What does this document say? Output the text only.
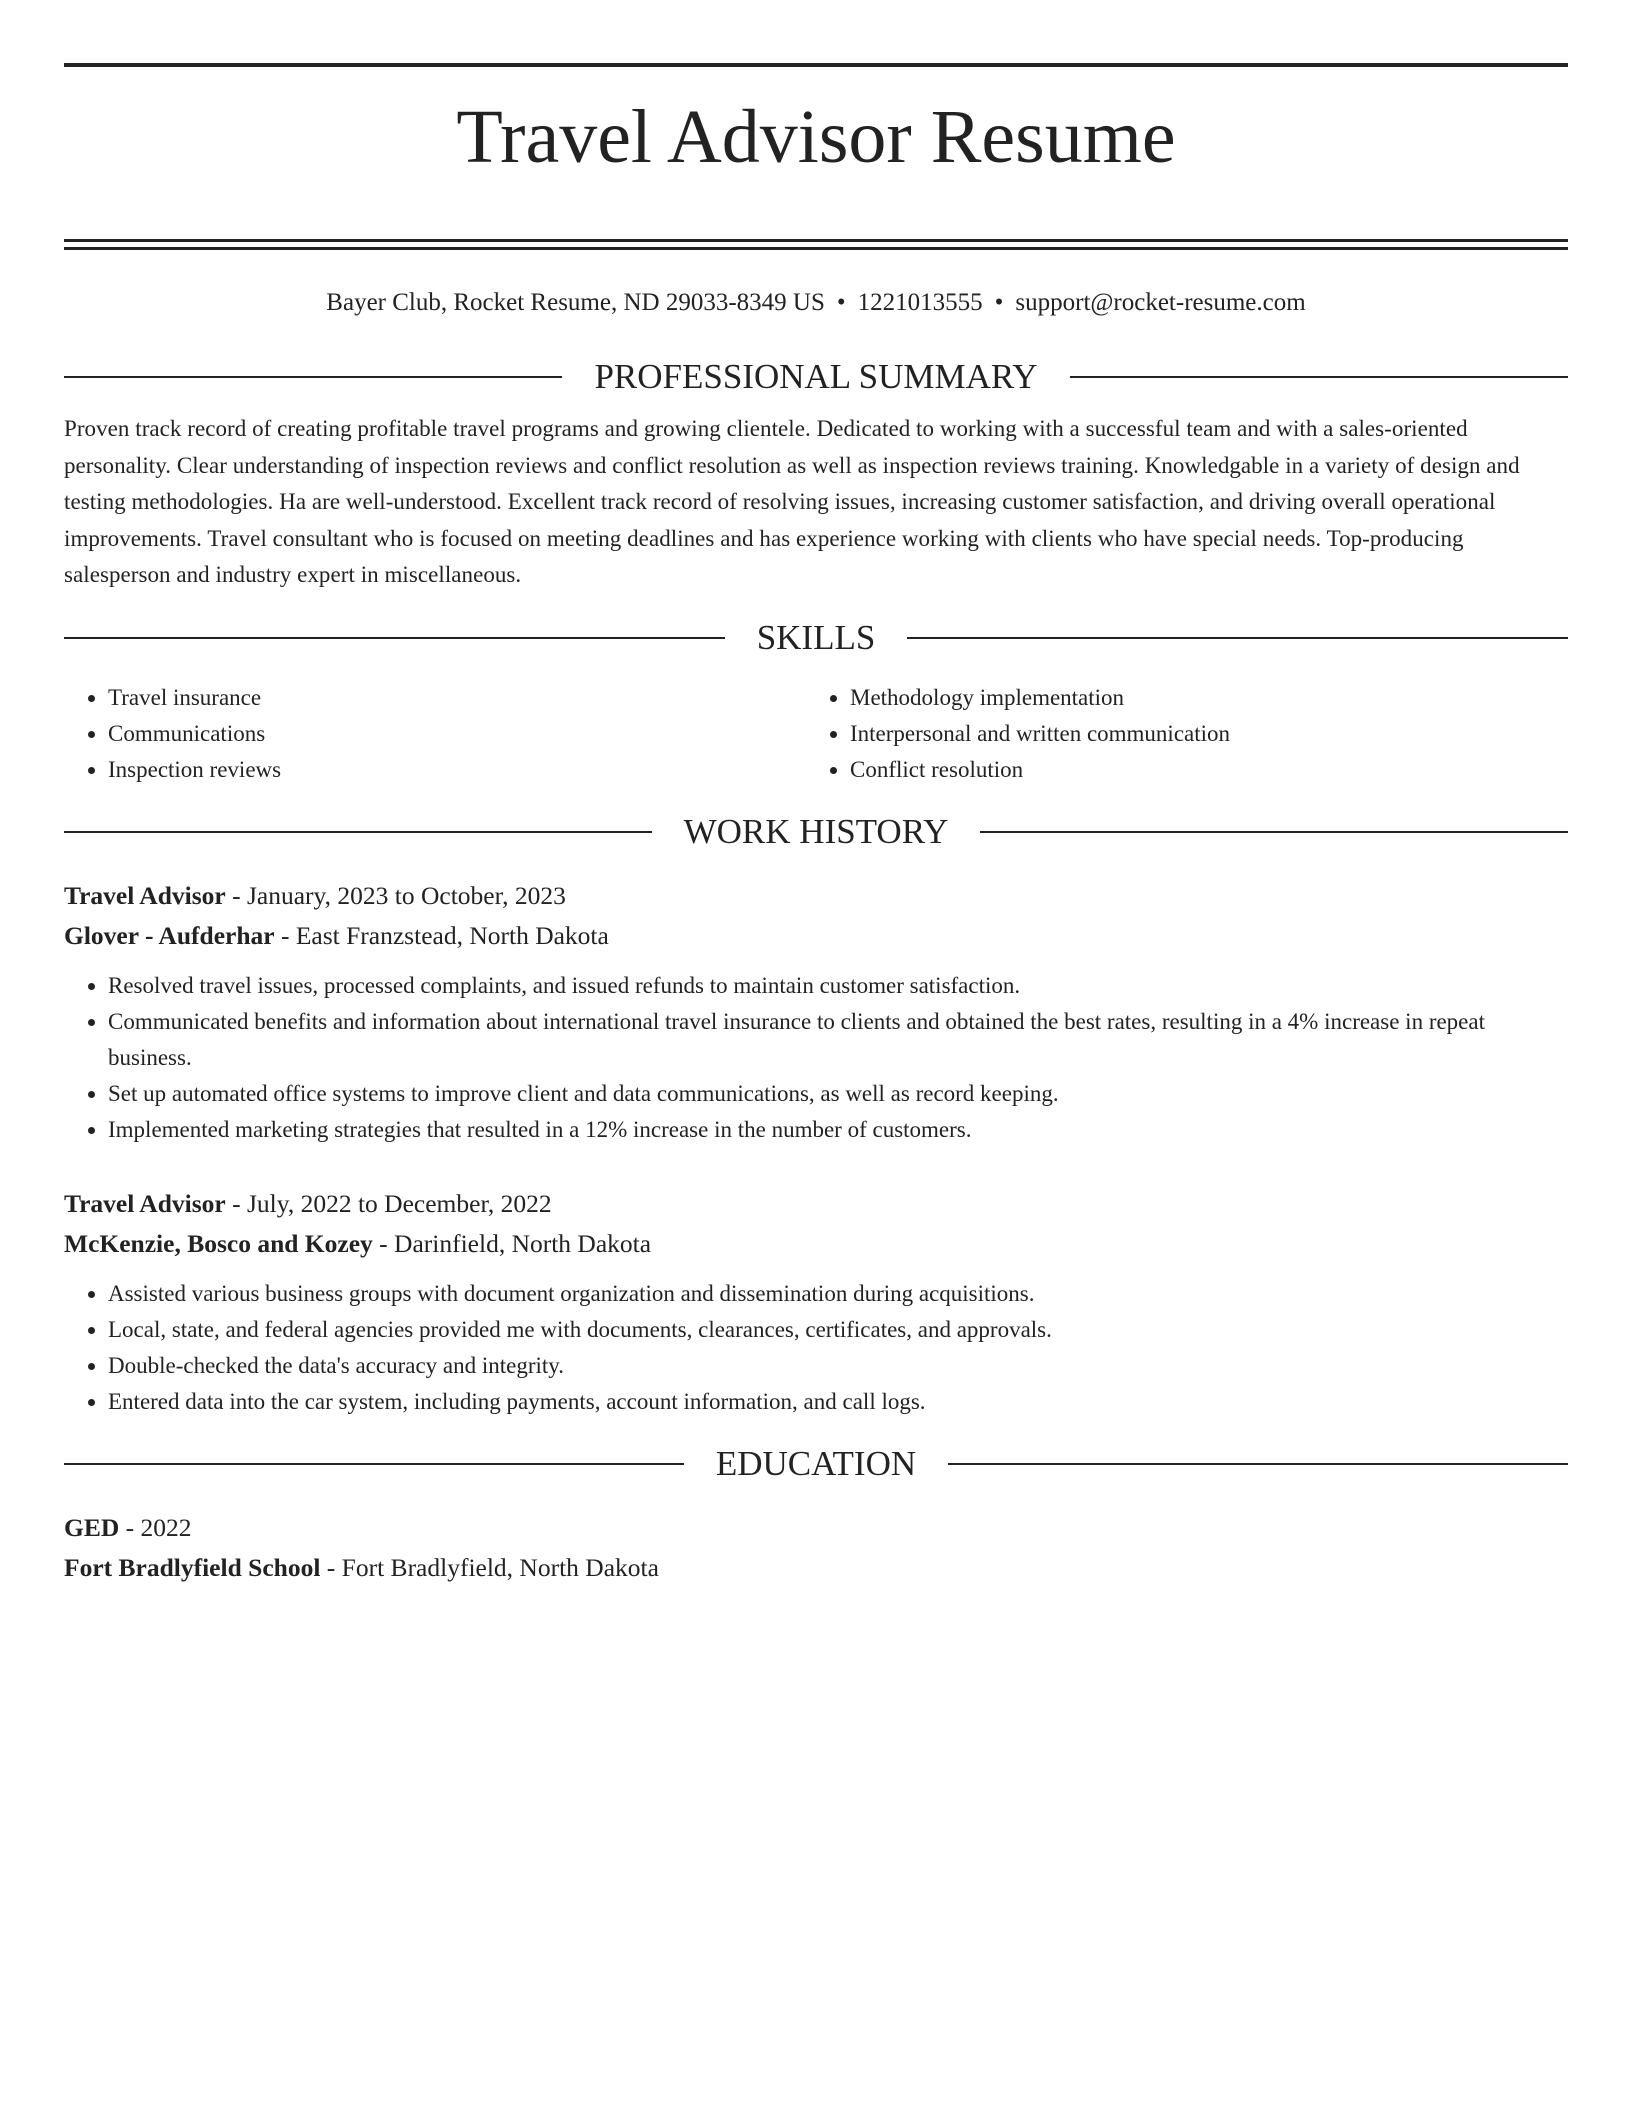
Travel Advisor Resume
Bayer Club, Rocket Resume, ND 29033-8349 US • 1221013555 • support@rocket-resume.com
PROFESSIONAL SUMMARY
Proven track record of creating profitable travel programs and growing clientele. Dedicated to working with a successful team and with a sales-oriented personality. Clear understanding of inspection reviews and conflict resolution as well as inspection reviews training. Knowledgable in a variety of design and testing methodologies. Ha are well-understood. Excellent track record of resolving issues, increasing customer satisfaction, and driving overall operational improvements. Travel consultant who is focused on meeting deadlines and has experience working with clients who have special needs. Top-producing salesperson and industry expert in miscellaneous.
SKILLS
• Travel insurance
• Communications
• Inspection reviews
• Methodology implementation
• Interpersonal and written communication
• Conflict resolution
WORK HISTORY
Travel Advisor - January, 2023 to October, 2023
Glover - Aufderhar - East Franzstead, North Dakota
• Resolved travel issues, processed complaints, and issued refunds to maintain customer satisfaction.
• Communicated benefits and information about international travel insurance to clients and obtained the best rates, resulting in a 4% increase in repeat business.
• Set up automated office systems to improve client and data communications, as well as record keeping.
• Implemented marketing strategies that resulted in a 12% increase in the number of customers.
Travel Advisor - July, 2022 to December, 2022
McKenzie, Bosco and Kozey - Darinfield, North Dakota
• Assisted various business groups with document organization and dissemination during acquisitions.
• Local, state, and federal agencies provided me with documents, clearances, certificates, and approvals.
• Double-checked the data's accuracy and integrity.
• Entered data into the car system, including payments, account information, and call logs.
EDUCATION
GED - 2022
Fort Bradlyfield School - Fort Bradlyfield, North Dakota
